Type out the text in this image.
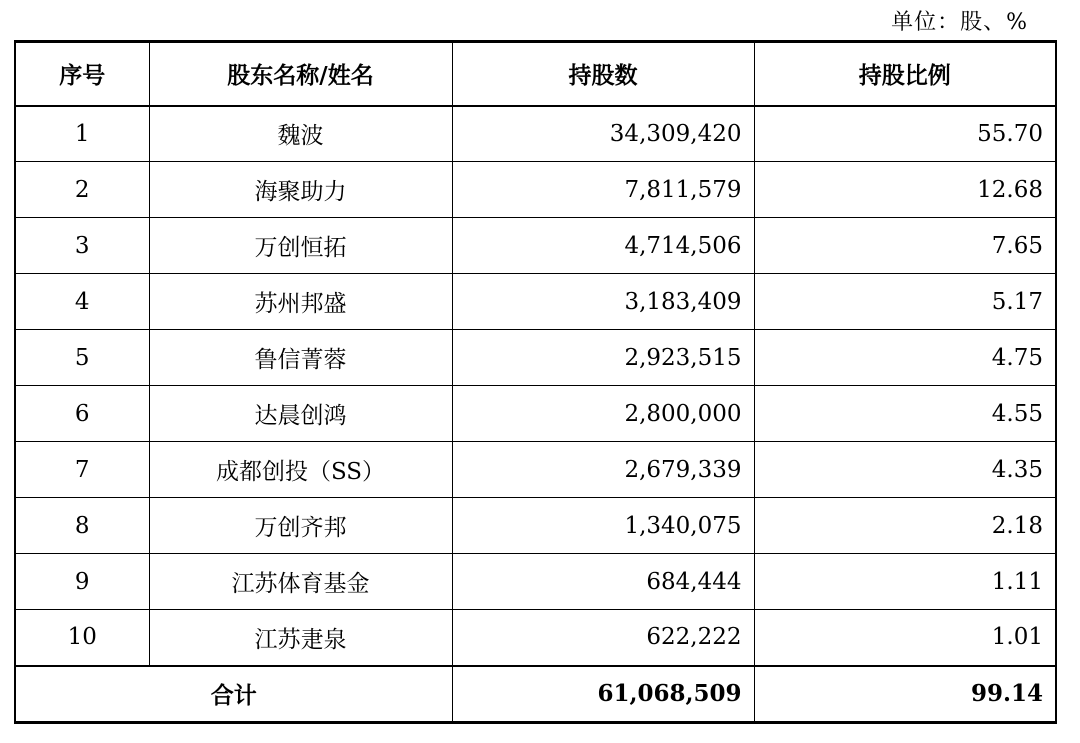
单位：股、%
序号	股东名称/姓名	持股数	持股比例
1	魏波	34,309,420	55.70
2	海聚助力	7,811,579	12.68
3	万创恒拓	4,714,506	7.65
4	苏州邦盛	3,183,409	5.17
5	鲁信菁蓉	2,923,515	4.75
6	达晨创鸿	2,800,000	4.55
7	成都创投（SS）	2,679,339	4.35
8	万创齐邦	1,340,075	2.18
9	江苏体育基金	684,444	1.11
10	江苏疌泉	622,222	1.01
合计		61,068,509	99.14
